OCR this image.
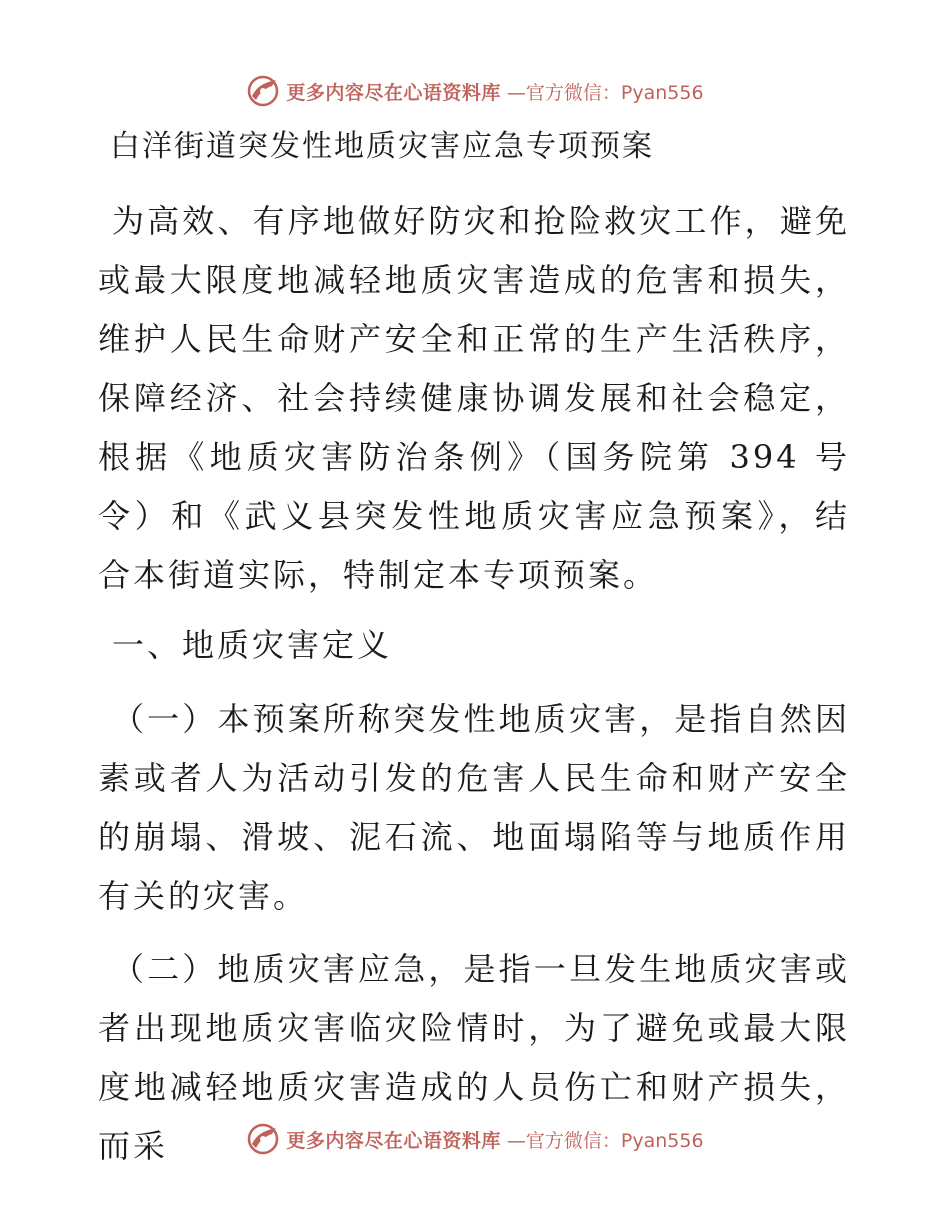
更多内容尽在心语资料库 —官方微信：Pyan556
白洋街道突发性地质灾害应急专项预案

为高效、有序地做好防灾和抢险救灾工作，避免或最大限度地减轻地质灾害造成的危害和损失，维护人民生命财产安全和正常的生产生活秩序，保障经济、社会持续健康协调发展和社会稳定，根据《地质灾害防治条例》（国务院第 394 号令）和《武义县突发性地质灾害应急预案》，结合本街道实际，特制定本专项预案。

一、地质灾害定义

（一）本预案所称突发性地质灾害，是指自然因素或者人为活动引发的危害人民生命和财产安全的崩塌、滑坡、泥石流、地面塌陷等与地质作用有关的灾害。

（二）地质灾害应急，是指一旦发生地质灾害或者出现地质灾害临灾险情时，为了避免或最大限度地减轻地质灾害造成的人员伤亡和财产损失，而采	更多内容尽在心语资料库 —官方微信：Pyan556
